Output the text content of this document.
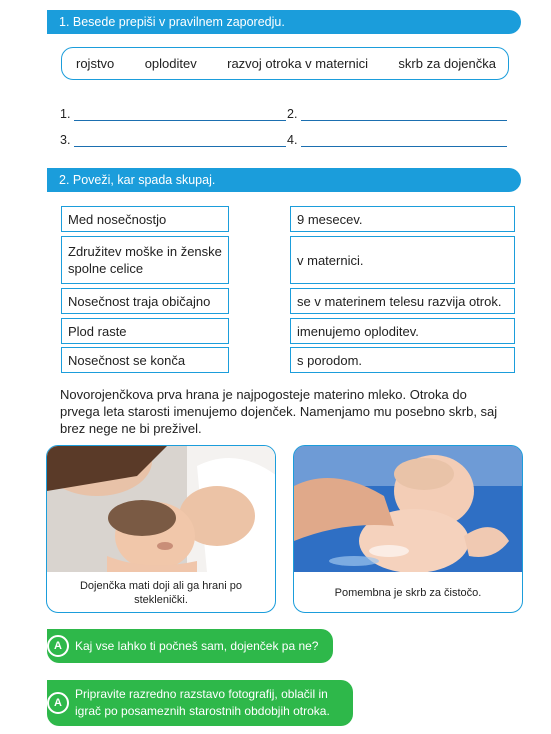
1. Besede prepiši v pravilnem zaporedju.
rojstvo oploditev razvoj otroka v maternici skrb za dojenčka
1.	2.
3.	4.
2. Poveži, kar spada skupaj.
Med nosečnostjo
Združitev moške in ženske spolne celice
Nosečnost traja običajno
Plod raste
Nosečnost se konča
9 mesecev.
v maternici.
se v materinem telesu razvija otrok.
imenujemo oploditev.
s porodom.
Novorojenčkova prva hrana je najpogosteje materino mleko. Otroka do prvega leta starosti imenujemo dojenček. Namenjamo mu posebno skrb, saj brez nege ne bi preživel.
Dojenčka mati doji ali ga hrani po steklenički.
Pomembna je skrb za čistočo.
Kaj vse lahko ti počneš sam, dojenček pa ne?
A
Pripravite razredno razstavo fotografij, oblačil in igrač po posameznih starostnih obdobjih otroka.
A
